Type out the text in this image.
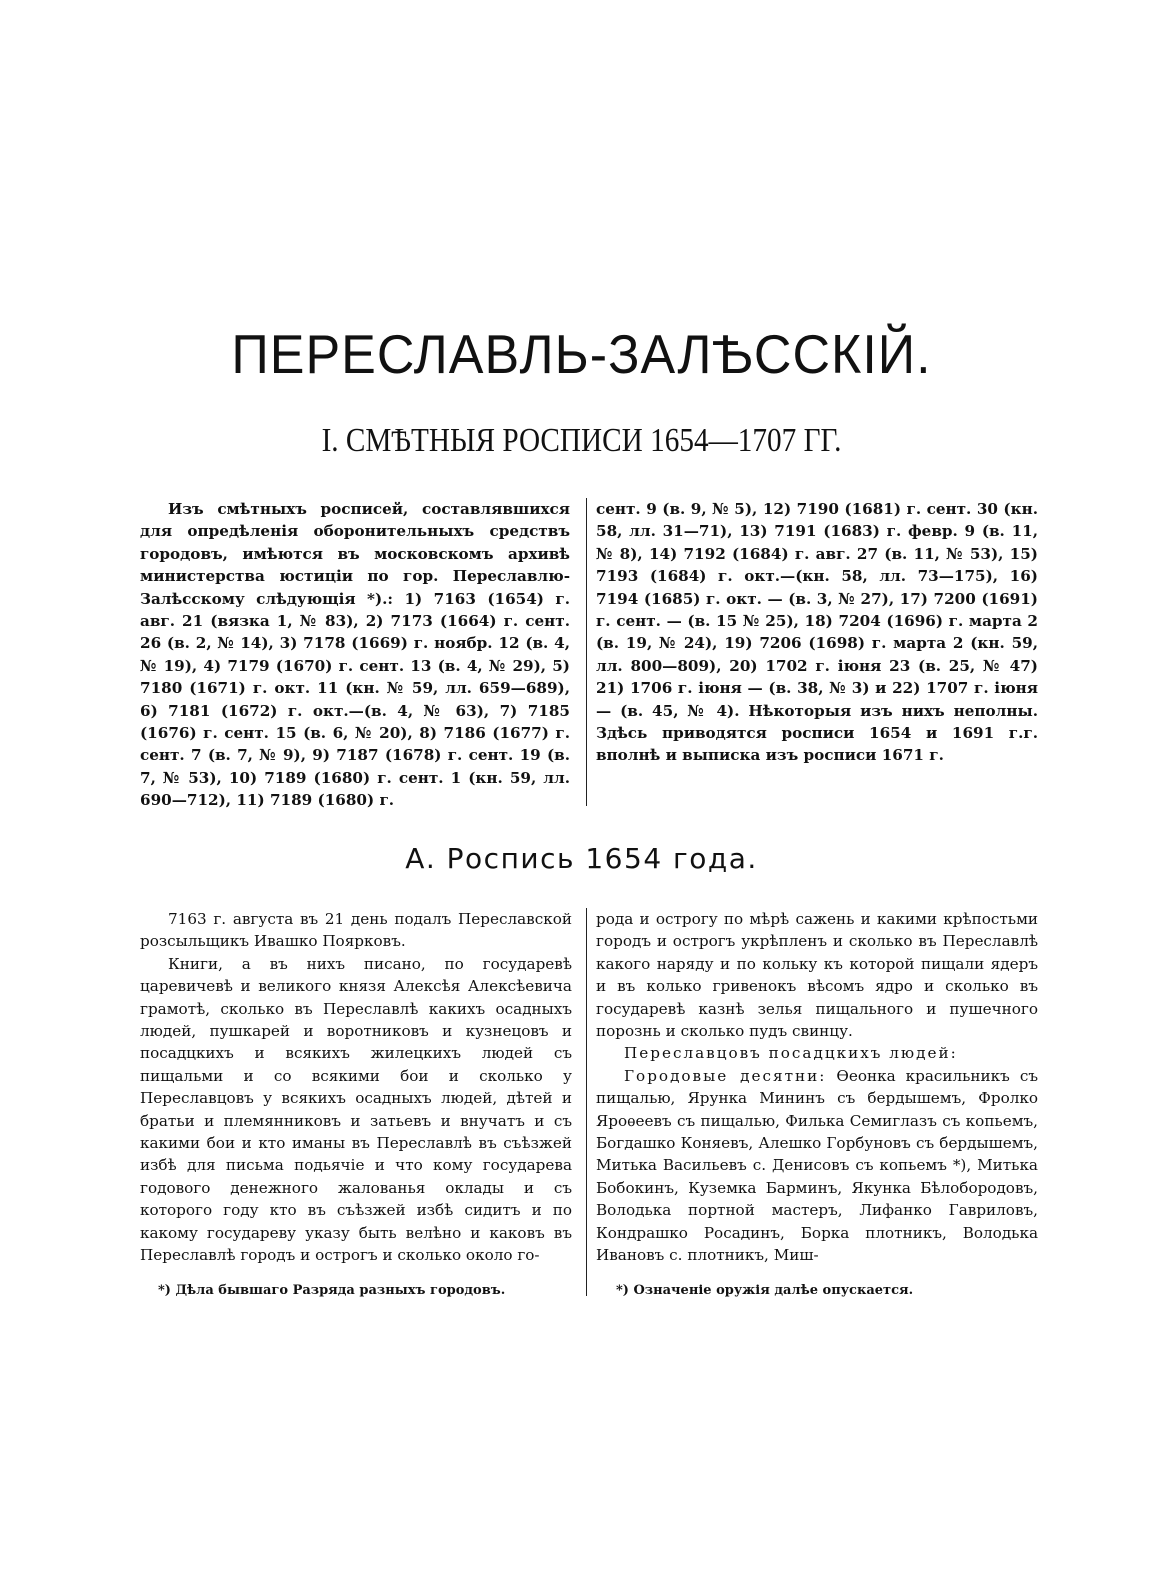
ПЕРЕСЛАВЛЬ-ЗАЛѢССКIЙ.
I. СМѢТНЫЯ РОСПИСИ 1654—1707 ГГ.

Изъ смѣтныхъ росписей, составлявшихся для опредѣленія оборонительныхъ средствъ городовъ, имѣются въ московскомъ архивѣ министерства юстиціи по гор. Переславлю-Залѣсскому слѣдующія *).: 1) 7163 (1654) г. авг. 21 (вязка 1, № 83), 2) 7173 (1664) г. сент. 26 (в. 2, № 14), 3) 7178 (1669) г. ноябр. 12 (в. 4, № 19), 4) 7179 (1670) г. сент. 13 (в. 4, № 29), 5) 7180 (1671) г. окт. 11 (кн. № 59, лл. 659—689), 6) 7181 (1672) г. окт.—(в. 4, № 63), 7) 7185 (1676) г. сент. 15 (в. 6, № 20), 8) 7186 (1677) г. сент. 7 (в. 7, № 9), 9) 7187 (1678) г. сент. 19 (в. 7, № 53), 10) 7189 (1680) г. сент. 1 (кн. 59, лл. 690—712), 11) 7189 (1680) г.

сент. 9 (в. 9, № 5), 12) 7190 (1681) г. сент. 30 (кн. 58, лл. 31—71), 13) 7191 (1683) г. февр. 9 (в. 11, № 8), 14) 7192 (1684) г. авг. 27 (в. 11, № 53), 15) 7193 (1684) г. окт.—(кн. 58, лл. 73—175), 16) 7194 (1685) г. окт. — (в. 3, № 27), 17) 7200 (1691) г. сент. — (в. 15 № 25), 18) 7204 (1696) г. марта 2 (в. 19, № 24), 19) 7206 (1698) г. марта 2 (кн. 59, лл. 800—809), 20) 1702 г. іюня 23 (в. 25, № 47) 21) 1706 г. іюня — (в. 38, № 3) и 22) 1707 г. іюня — (в. 45, № 4). Нѣкоторыя изъ нихъ неполны. Здѣсь приводятся росписи 1654 и 1691 г.г. вполнѣ и выписка изъ росписи 1671 г.

А. Роспись 1654 года.

7163 г. августа въ 21 день подалъ Переславской розсыльщикъ Ивашко Поярковъ.

Книги, а въ нихъ писано, по государевѣ царевичевѣ и великого князя Алексѣя Алексѣевича грамотѣ, сколько въ Переславлѣ какихъ осадныхъ людей, пушкарей и воротниковъ и кузнецовъ и посадцкихъ и всякихъ жилецкихъ людей съ пищальми и со всякими бои и сколько у Переславцовъ у всякихъ осадныхъ людей, дѣтей и братьи и племянниковъ и затьевъ и внучатъ и съ какими бои и кто иманы въ Переславлѣ въ съѣзжей избѣ для письма подьячіе и что кому государева годового денежного жалованья оклады и съ которого году кто въ съѣзжей избѣ сидитъ и по какому государеву указу быть велѣно и каковъ въ Переславлѣ городъ и острогъ и сколько около го-

рода и острогу по мѣрѣ сажень и какими крѣпостьми городъ и острогъ укрѣпленъ и сколько въ Переславлѣ какого наряду и по кольку къ которой пищали ядеръ и въ колько гривенокъ вѣсомъ ядро и сколько въ государевѣ казнѣ зелья пищального и пушечного порознь и сколько пудъ свинцу.

Переславцовъ посадцкихъ людей:

Городовые десятни: Ѳеонка красильникъ съ пищалью, Ярунка Мининъ съ бердышемъ, Фролко Яроѳеевъ съ пищалью, Филька Семиглазъ съ копьемъ, Богдашко Коняевъ, Алешко Горбуновъ съ бердышемъ, Митька Васильевъ с. Денисовъ съ копьемъ *), Митька Бобокинъ, Куземка Барминъ, Якунка Бѣлобородовъ, Володька портной мастеръ, Лифанко Гавриловъ, Кондрашко Росадинъ, Борка плотникъ, Володька Ивановъ с. плотникъ, Миш-

*) Дѣла бывшаго Разряда разныхъ городовъ.	*) Означеніе оружія далѣе опускается.
